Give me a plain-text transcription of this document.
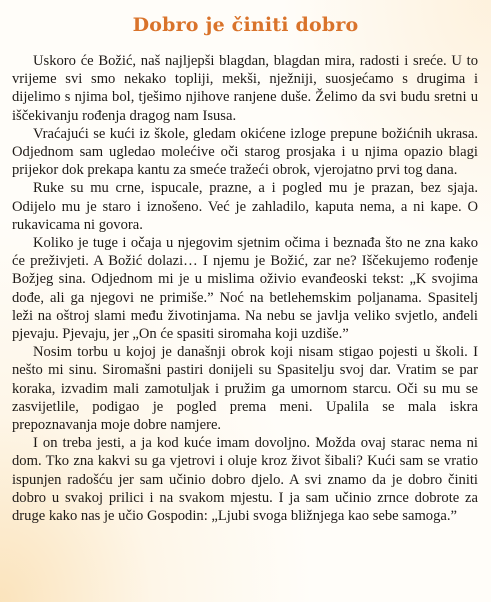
Dobro je činiti dobro

Uskoro će Božić, naš najljepši blagdan, blagdan mira, radosti i sreće. U to vrijeme svi smo nekako topliji, mekši, nježniji, suosjećamo s drugima i dijelimo s njima bol, tješimo njihove ranjene duše. Želimo da svi budu sretni u iščekivanju rođenja dragog nam Isusa.

Vraćajući se kući iz škole, gledam okićene izloge prepune božićnih ukrasa. Odjednom sam ugledao molećive oči starog prosjaka i u njima opazio blagi prijekor dok prekapa kantu za smeće tražeći obrok, vjerojatno prvi tog dana.

Ruke su mu crne, ispucale, prazne, a i pogled mu je prazan, bez sjaja. Odijelo mu je staro i iznošeno. Već je zahladilo, kaputa nema, a ni kape. O rukavicama ni govora.

Koliko je tuge i očaja u njegovim sjetnim očima i beznađa što ne zna kako će preživjeti. A Božić dolazi… I njemu je Božić, zar ne? Iščekujemo rođenje Božjeg sina. Odjednom mi je u mislima oživio evanđeoski tekst: „K svojima dođe, ali ga njegovi ne primiše.” Noć na betlehemskim poljanama. Spasitelj leži na oštroj slami među životinjama. Na nebu se javlja veliko svjetlo, anđeli pjevaju. Pjevaju, jer „On će spasiti siromaha koji uzdiše.”

Nosim torbu u kojoj je današnji obrok koji nisam stigao pojesti u školi. I nešto mi sinu. Siromašni pastiri donijeli su Spasitelju svoj dar. Vratim se par koraka, izvadim mali zamotuljak i pružim ga umornom starcu. Oči su mu se zasvijetlile, podigao je pogled prema meni. Upalila se mala iskra prepoznavanja moje dobre namjere.

I on treba jesti, a ja kod kuće imam dovoljno. Možda ovaj starac nema ni dom. Tko zna kakvi su ga vjetrovi i oluje kroz život šibali? Kući sam se vratio ispunjen radošću jer sam učinio dobro djelo. A svi znamo da je dobro činiti dobro u svakoj prilici i na svakom mjestu. I ja sam učinio zrnce dobrote za druge kako nas je učio Gospodin: „Ljubi svoga bližnjega kao sebe samoga.”
